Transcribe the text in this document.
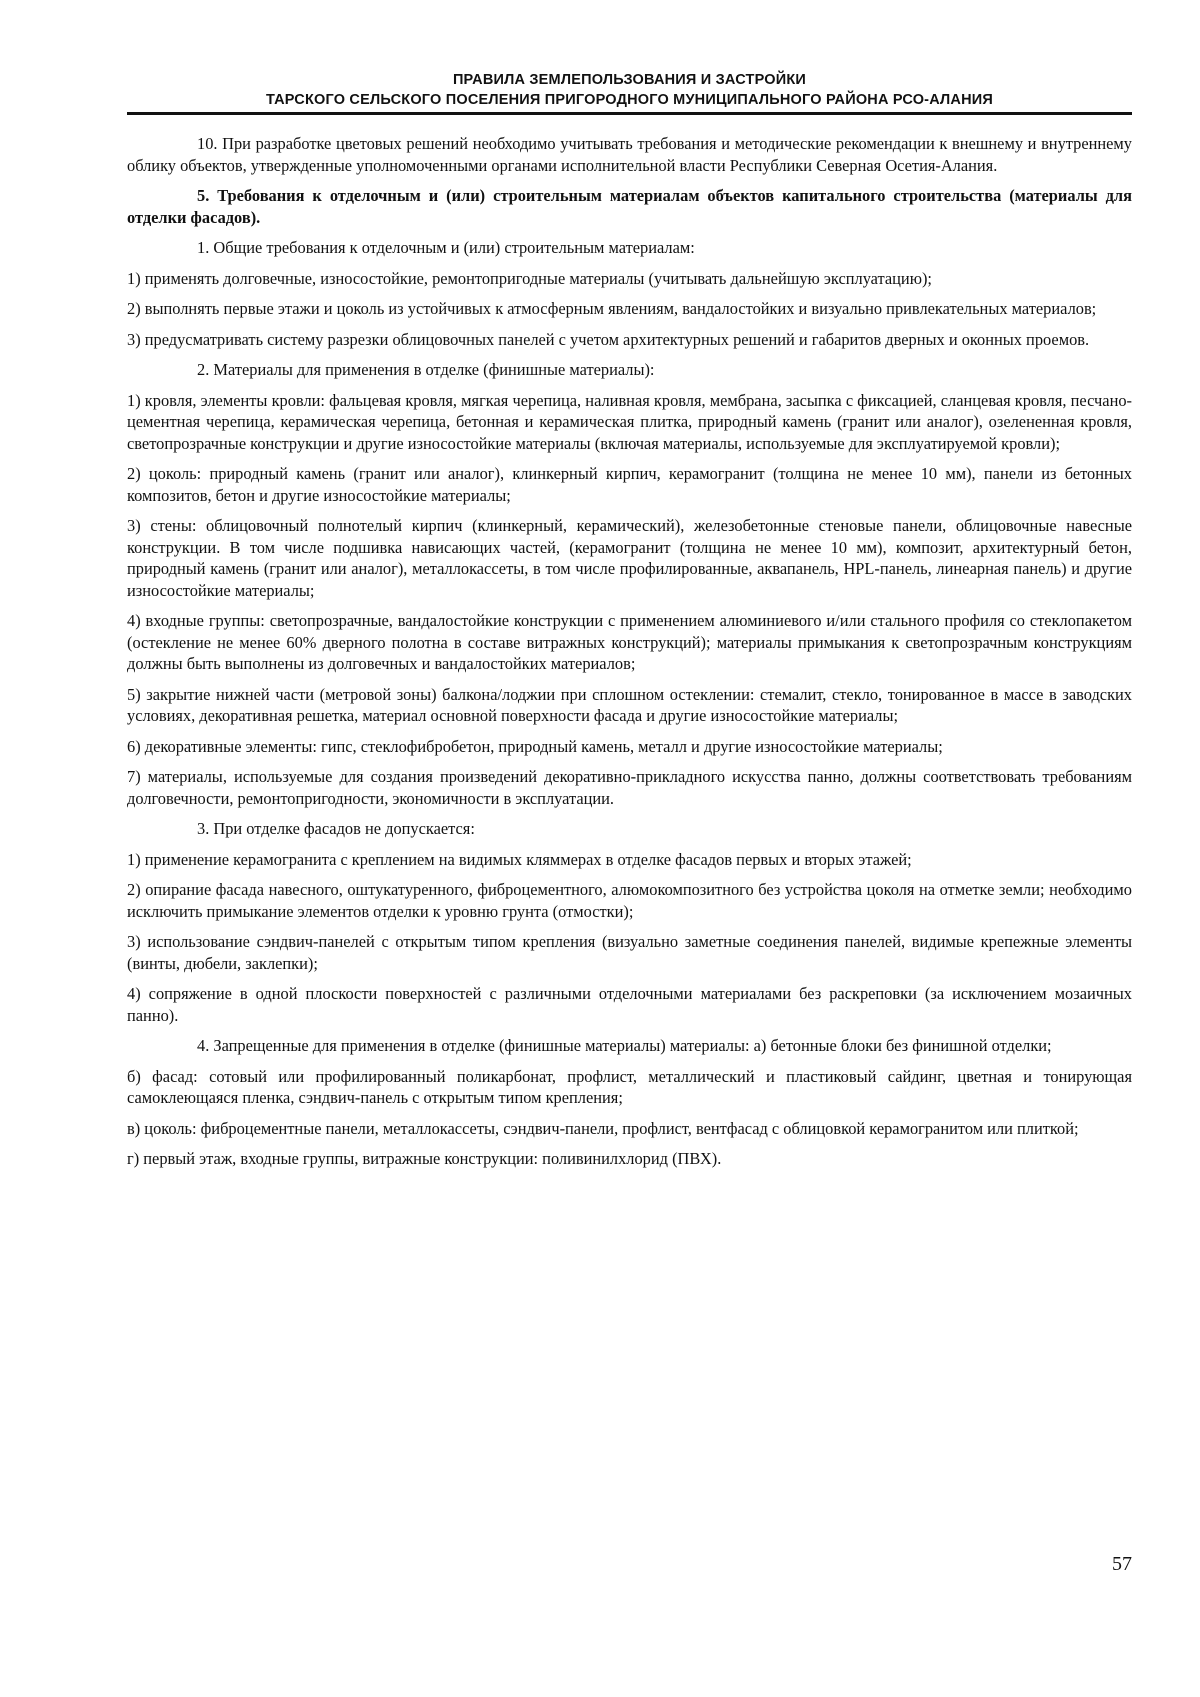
ПРАВИЛА ЗЕМЛЕПОЛЬЗОВАНИЯ И ЗАСТРОЙКИ
ТАРСКОГО СЕЛЬСКОГО ПОСЕЛЕНИЯ ПРИГОРОДНОГО МУНИЦИПАЛЬНОГО РАЙОНА РСО-АЛАНИЯ

10. При разработке цветовых решений необходимо учитывать требования и методические рекомендации к внешнему и внутреннему облику объектов, утвержденные уполномоченными органами исполнительной власти Республики Северная Осетия-Алания.

5. Требования к отделочным и (или) строительным материалам объектов капитального строительства (материалы для отделки фасадов).

1. Общие требования к отделочным и (или) строительным материалам:

1) применять долговечные, износостойкие, ремонтопригодные материалы (учитывать дальнейшую эксплуатацию);

2) выполнять первые этажи и цоколь из устойчивых к атмосферным явлениям, вандалостойких и визуально привлекательных материалов;

3) предусматривать систему разрезки облицовочных панелей с учетом архитектурных решений и габаритов дверных и оконных проемов.

2. Материалы для применения в отделке (финишные материалы):

1) кровля, элементы кровли: фальцевая кровля, мягкая черепица, наливная кровля, мембрана, засыпка с фиксацией, сланцевая кровля, песчано-цементная черепица, керамическая черепица, бетонная и керамическая плитка, природный камень (гранит или аналог), озелененная кровля, светопрозрачные конструкции и другие износостойкие материалы (включая материалы, используемые для эксплуатируемой кровли);

2) цоколь: природный камень (гранит или аналог), клинкерный кирпич, керамогранит (толщина не менее 10 мм), панели из бетонных композитов, бетон и другие износостойкие материалы;

3) стены: облицовочный полнотелый кирпич (клинкерный, керамический), железобетонные стеновые панели, облицовочные навесные конструкции. В том числе подшивка нависающих частей, (керамогранит (толщина не менее 10 мм), композит, архитектурный бетон, природный камень (гранит или аналог), металлокассеты, в том числе профилированные, аквапанель, HPL-панель, линеарная панель) и другие износостойкие материалы;

4) входные группы: светопрозрачные, вандалостойкие конструкции с применением алюминиевого и/или стального профиля со стеклопакетом (остекление не менее 60% дверного полотна в составе витражных конструкций); материалы примыкания к светопрозрачным конструкциям должны быть выполнены из долговечных и вандалостойких материалов;

5) закрытие нижней части (метровой зоны) балкона/лоджии при сплошном остеклении: стемалит, стекло, тонированное в массе в заводских условиях, декоративная решетка, материал основной поверхности фасада и другие износостойкие материалы;

6) декоративные элементы: гипс, стеклофибробетон, природный камень, металл и другие износостойкие материалы;

7) материалы, используемые для создания произведений декоративно-прикладного искусства панно, должны соответствовать требованиям долговечности, ремонтопригодности, экономичности в эксплуатации.

3. При отделке фасадов не допускается:

1) применение керамогранита с креплением на видимых кляммерах в отделке фасадов первых и вторых этажей;

2) опирание фасада навесного, оштукатуренного, фиброцементного, алюмокомпозитного без устройства цоколя на отметке земли; необходимо исключить примыкание элементов отделки к уровню грунта (отмостки);

3) использование сэндвич-панелей с открытым типом крепления (визуально заметные соединения панелей, видимые крепежные элементы (винты, дюбели, заклепки);

4) сопряжение в одной плоскости поверхностей с различными отделочными материалами без раскреповки (за исключением мозаичных панно).

4. Запрещенные для применения в отделке (финишные материалы) материалы: а) бетонные блоки без финишной отделки;

б) фасад: сотовый или профилированный поликарбонат, профлист, металлический и пластиковый сайдинг, цветная и тонирующая самоклеющаяся пленка, сэндвич-панель с открытым типом крепления;

в) цоколь: фиброцементные панели, металлокассеты, сэндвич-панели, профлист, вентфасад с облицовкой керамогранитом или плиткой;

г) первый этаж, входные группы, витражные конструкции: поливинилхлорид (ПВХ).

57
